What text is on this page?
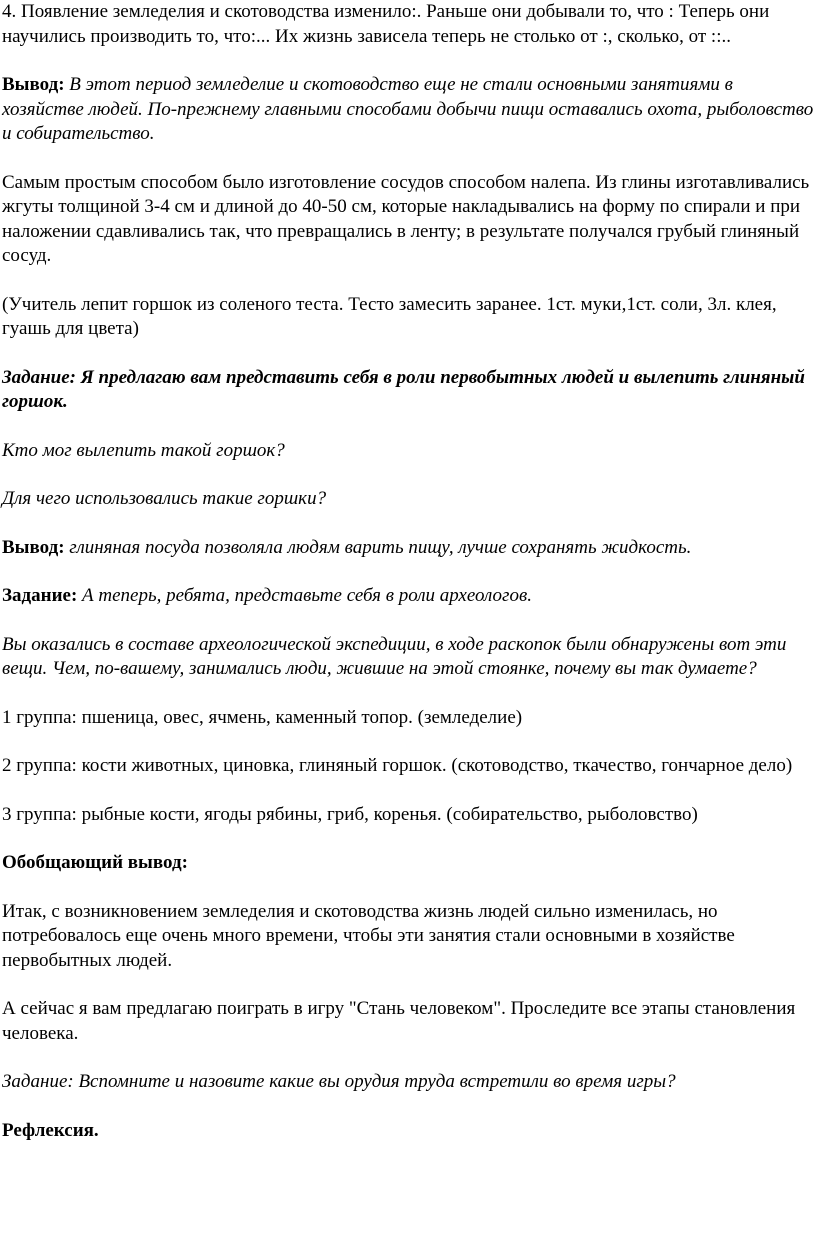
4. Появление земледелия и скотоводства изменило:. Раньше они добывали то, что : Теперь они научились производить то, что:... Их жизнь зависела теперь не столько от :, сколько, от ::..

Вывод: В этот период земледелие и скотоводство еще не стали основными занятиями в хозяйстве людей. По-прежнему главными способами добычи пищи оставались охота, рыболовство и собирательство.

Самым простым способом было изготовление сосудов способом налепа. Из глины изготавливались жгуты толщиной 3-4 см и длиной до 40-50 см, которые накладывались на форму по спирали и при наложении сдавливались так, что превращались в ленту; в результате получался грубый глиняный сосуд.

(Учитель лепит горшок из соленого теста. Тесто замесить заранее. 1ст. муки,1ст. соли, 3л. клея, гуашь для цвета)

Задание: Я предлагаю вам представить себя в роли первобытных людей и вылепить глиняный горшок.

Кто мог вылепить такой горшок?

Для чего использовались такие горшки?

Вывод: глиняная посуда позволяла людям варить пищу, лучше сохранять жидкость.

Задание: А теперь, ребята, представьте себя в роли археологов.

Вы оказались в составе археологической экспедиции, в ходе раскопок были обнаружены вот эти вещи. Чем, по-вашему, занимались люди, жившие на этой стоянке, почему вы так думаете?

1 группа: пшеница, овес, ячмень, каменный топор. (земледелие)

2 группа: кости животных, циновка, глиняный горшок. (скотоводство, ткачество, гончарное дело)

3 группа: рыбные кости, ягоды рябины, гриб, коренья. (собирательство, рыболовство)

Обобщающий вывод:

Итак, с возникновением земледелия и скотоводства жизнь людей сильно изменилась, но потребовалось еще очень много времени, чтобы эти занятия стали основными в хозяйстве первобытных людей.

А сейчас я вам предлагаю поиграть в игру "Стань человеком". Проследите все этапы становления человека.

Задание: Вспомните и назовите какие вы орудия труда встретили во время игры?

Рефлексия.
